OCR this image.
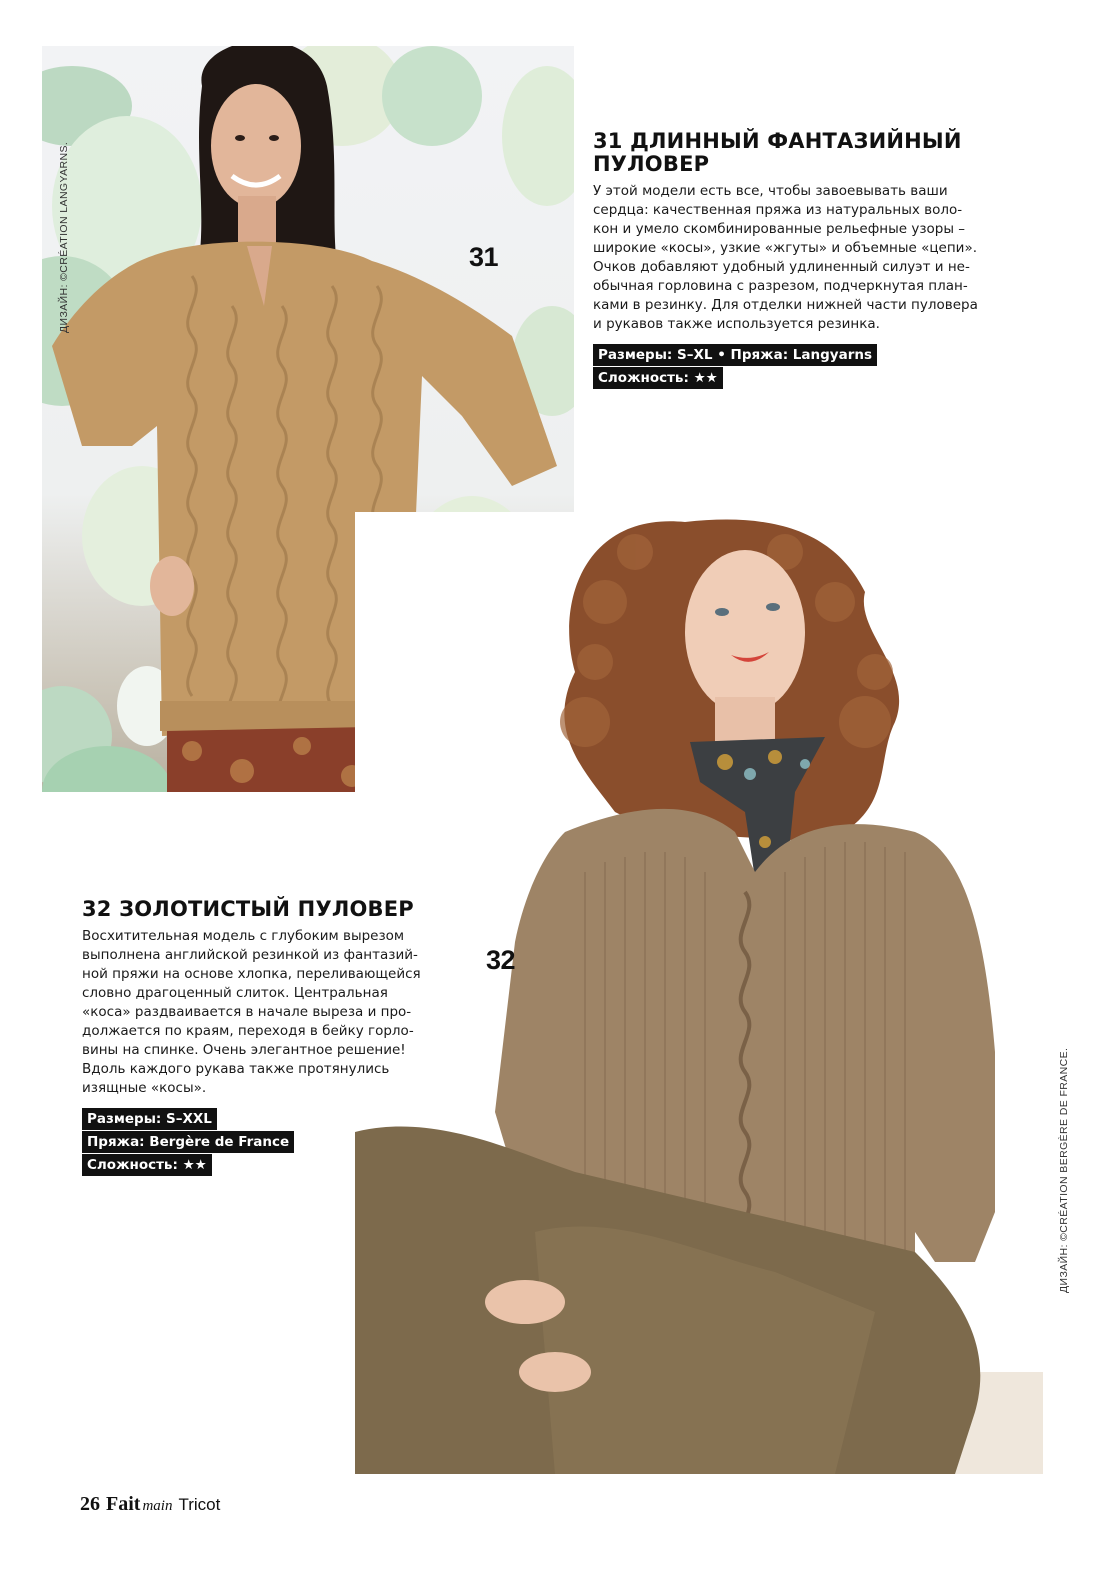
ДИЗАЙН: ©CRÉATION LANGYARNS.	31
31 ДЛИННЫЙ ФАНТАЗИЙНЫЙ ПУЛОВЕР
У этой модели есть все, чтобы завоевывать ваши
сердца: качественная пряжа из натуральных воло-
кон и умело скомбинированные рельефные узоры –
широкие «косы», узкие «жгуты» и объемные «цепи».
Очков добавляют удобный удлиненный силуэт и не-
обычная горловина с разрезом, подчеркнутая план-
ками в резинку. Для отделки нижней части пуловера
и рукавов также используется резинка.
Размеры: S–XL • Пряжа: Langyarns
Сложность: ★★
ДИЗАЙН: ©CRÉATION BERGÈRE DE FRANCE.
32
32 ЗОЛОТИСТЫЙ ПУЛОВЕР
Восхитительная модель с глубоким вырезом
выполнена английской резинкой из фантазий-
ной пряжи на основе хлопка, переливающейся
словно драгоценный слиток. Центральная
«коса» раздваивается в начале выреза и про-
должается по краям, переходя в бейку горло-
вины на спинке. Очень элегантное решение!
Вдоль каждого рукава также протянулись
изящные «косы».
Размеры: S–XXL
Пряжа: Bergère de France
Сложность: ★★
26 Fait main Tricot
